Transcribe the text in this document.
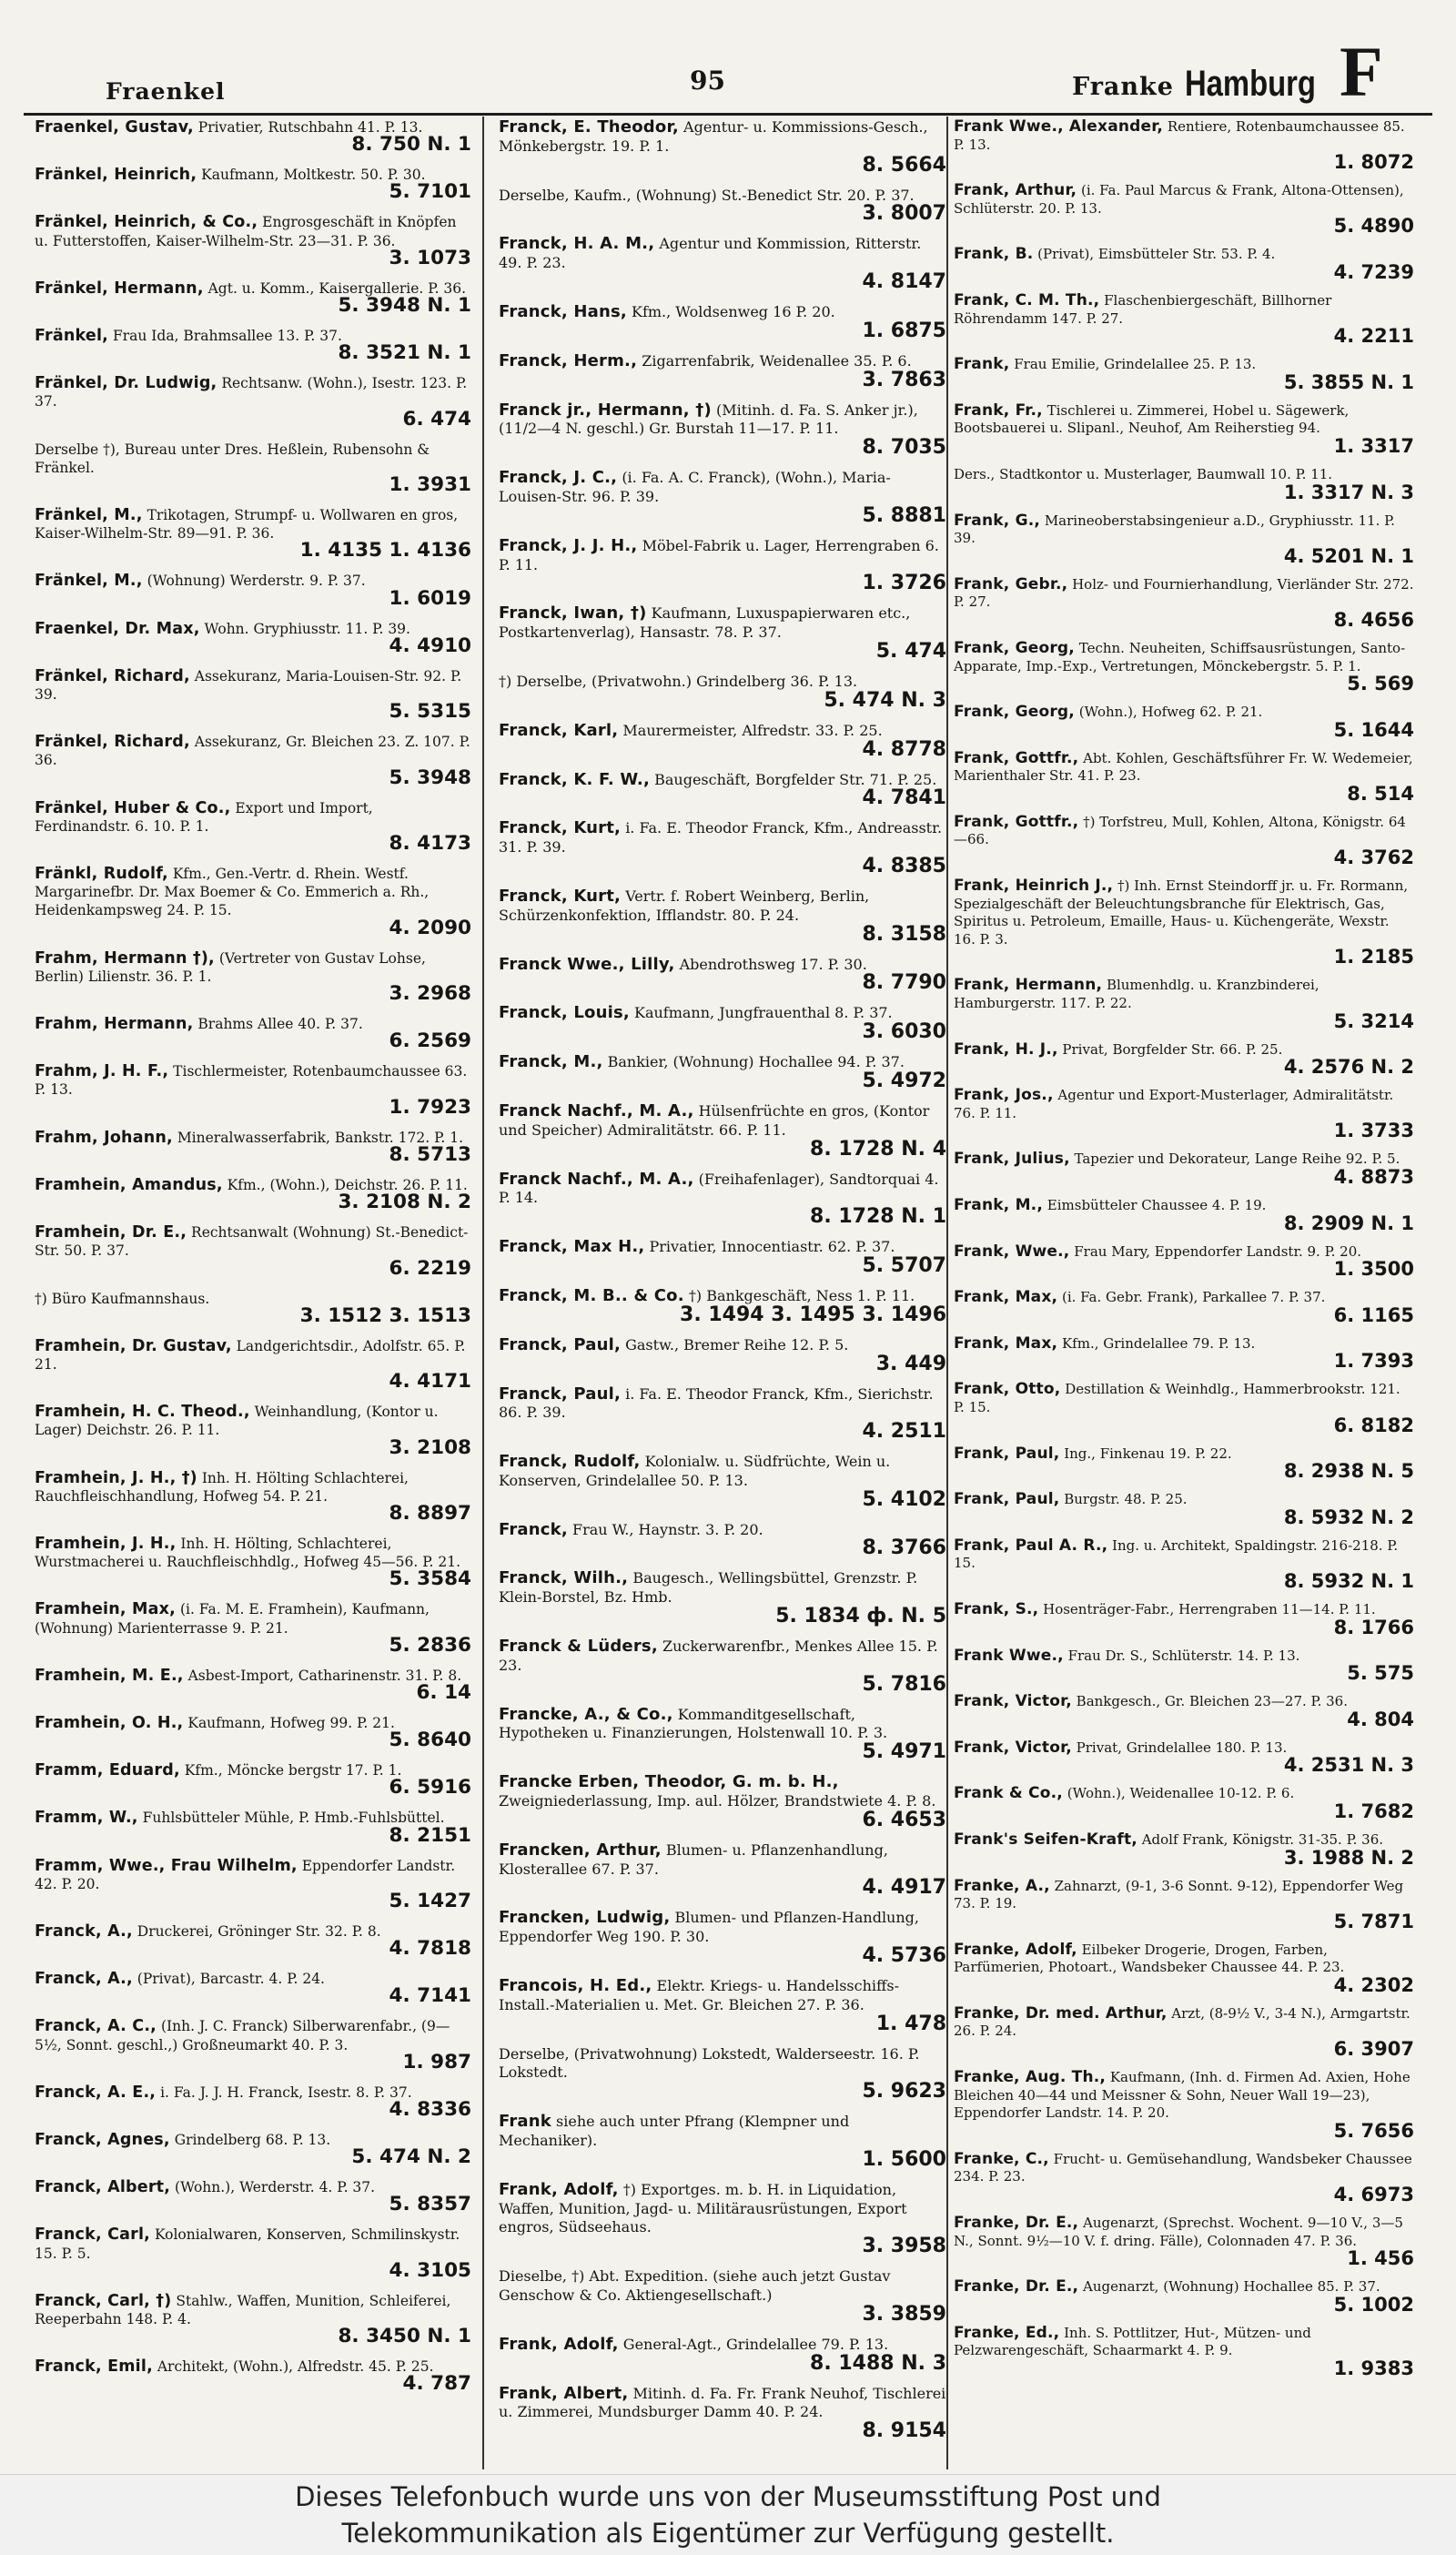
Fraenkel	95	Franke Hamburg F
Fraenkel, Gustav, Privatier, Rutschbahn 41. P. 13.
8. 750 N. 1
Fränkel, Heinrich, Kaufmann, Moltkestr. 50. P. 30.
5. 7101
Fränkel, Heinrich, & Co., Engrosgeschäft in Knöpfen u. Futterstoffen, Kaiser-Wilhelm-Str. 23—31. P. 36.
3. 1073
Fränkel, Hermann, Agt. u. Komm., Kaisergallerie. P. 36.
5. 3948 N. 1
Fränkel, Frau Ida, Brahmsallee 13. P. 37.
8. 3521 N. 1
Fränkel, Dr. Ludwig, Rechtsanw. (Wohn.), Isestr. 123. P. 37.
6. 474
Derselbe †), Bureau unter Dres. Heßlein, Rubensohn & Fränkel.
1. 3931
Fränkel, M., Trikotagen, Strumpf- u. Wollwaren en gros, Kaiser-Wilhelm-Str. 89—91. P. 36.
1. 4135 1. 4136
Fränkel, M., (Wohnung) Werderstr. 9. P. 37.
1. 6019
Fraenkel, Dr. Max, Wohn. Gryphiusstr. 11. P. 39.
4. 4910
Fränkel, Richard, Assekuranz, Maria-Louisen-Str. 92. P. 39.
5. 5315
Fränkel, Richard, Assekuranz, Gr. Bleichen 23. Z. 107. P. 36.
5. 3948
Fränkel, Huber & Co., Export und Import, Ferdinandstr. 6. 10. P. 1.
8. 4173
Fränkl, Rudolf, Kfm., Gen.-Vertr. d. Rhein. Westf. Margarinefbr. Dr. Max Boemer & Co. Emmerich a. Rh., Heidenkampsweg 24. P. 15.
4. 2090
Frahm, Hermann †), (Vertreter von Gustav Lohse, Berlin) Lilienstr. 36. P. 1.
3. 2968
Frahm, Hermann, Brahms Allee 40. P. 37.
6. 2569
Frahm, J. H. F., Tischlermeister, Rotenbaumchaussee 63. P. 13.
1. 7923
Frahm, Johann, Mineralwasserfabrik, Bankstr. 172. P. 1.
8. 5713
Framhein, Amandus, Kfm., (Wohn.), Deichstr. 26. P. 11.
3. 2108 N. 2
Framhein, Dr. E., Rechtsanwalt (Wohnung) St.-Benedict-Str. 50. P. 37.
6. 2219
†) Büro Kaufmannshaus.
3. 1512 3. 1513
Framhein, Dr. Gustav, Landgerichtsdir., Adolfstr. 65. P. 21.
4. 4171
Framhein, H. C. Theod., Weinhandlung, (Kontor u. Lager) Deichstr. 26. P. 11.
3. 2108
Framhein, J. H., †) Inh. H. Hölting Schlachterei, Rauchfleischhandlung, Hofweg 54. P. 21.
8. 8897
Framhein, J. H., Inh. H. Hölting, Schlachterei, Wurstmacherei u. Rauchfleischhdlg., Hofweg 45—56. P. 21.
5. 3584
Framhein, Max, (i. Fa. M. E. Framhein), Kaufmann, (Wohnung) Marienterrasse 9. P. 21.
5. 2836
Framhein, M. E., Asbest-Import, Catharinenstr. 31. P. 8.
6. 14
Framhein, O. H., Kaufmann, Hofweg 99. P. 21.
5. 8640
Framm, Eduard, Kfm., Möncke bergstr 17. P. 1.
6. 5916
Framm, W., Fuhlsbütteler Mühle, P. Hmb.-Fuhlsbüttel.
8. 2151
Framm, Wwe., Frau Wilhelm, Eppendorfer Landstr. 42. P. 20.
5. 1427
Franck, A., Druckerei, Gröninger Str. 32. P. 8.
4. 7818
Franck, A., (Privat), Barcastr. 4. P. 24.
4. 7141
Franck, A. C., (Inh. J. C. Franck) Silberwarenfabr., (9—5½, Sonnt. geschl.,) Großneumarkt 40. P. 3.
1. 987
Franck, A. E., i. Fa. J. J. H. Franck, Isestr. 8. P. 37.
4. 8336
Franck, Agnes, Grindelberg 68. P. 13.
5. 474 N. 2
Franck, Albert, (Wohn.), Werderstr. 4. P. 37.
5. 8357
Franck, Carl, Kolonialwaren, Konserven, Schmilinskystr. 15. P. 5.
4. 3105
Franck, Carl, †) Stahlw., Waffen, Munition, Schleiferei, Reeperbahn 148. P. 4.
8. 3450 N. 1
Franck, Emil, Architekt, (Wohn.), Alfredstr. 45. P. 25.
4. 787
Franck, E. Theodor, Agentur- u. Kommissions-Gesch., Mönkebergstr. 19. P. 1.
8. 5664
Derselbe, Kaufm., (Wohnung) St.-Benedict Str. 20. P. 37.
3. 8007
Franck, H. A. M., Agentur und Kommission, Ritterstr. 49. P. 23.
4. 8147
Franck, Hans, Kfm., Woldsenweg 16 P. 20.
1. 6875
Franck, Herm., Zigarrenfabrik, Weidenallee 35. P. 6.
3. 7863
Franck jr., Hermann, †) (Mitinh. d. Fa. S. Anker jr.), (11/2—4 N. geschl.) Gr. Burstah 11—17. P. 11.
8. 7035
Franck, J. C., (i. Fa. A. C. Franck), (Wohn.), Maria-Louisen-Str. 96. P. 39.
5. 8881
Franck, J. J. H., Möbel-Fabrik u. Lager, Herrengraben 6. P. 11.
1. 3726
Franck, Iwan, †) Kaufmann, Luxuspapierwaren etc., Postkartenverlag), Hansastr. 78. P. 37.
5. 474
†) Derselbe, (Privatwohn.) Grindelberg 36. P. 13.
5. 474 N. 3
Franck, Karl, Maurermeister, Alfredstr. 33. P. 25.
4. 8778
Franck, K. F. W., Baugeschäft, Borgfelder Str. 71. P. 25.
4. 7841
Franck, Kurt, i. Fa. E. Theodor Franck, Kfm., Andreasstr. 31. P. 39.
4. 8385
Franck, Kurt, Vertr. f. Robert Weinberg, Berlin, Schürzenkonfektion, Ifflandstr. 80. P. 24.
8. 3158
Franck Wwe., Lilly, Abendrothsweg 17. P. 30.
8. 7790
Franck, Louis, Kaufmann, Jungfrauenthal 8. P. 37.
3. 6030
Franck, M., Bankier, (Wohnung) Hochallee 94. P. 37.
5. 4972
Franck Nachf., M. A., Hülsenfrüchte en gros, (Kontor und Speicher) Admiralitätstr. 66. P. 11.
8. 1728 N. 4
Franck Nachf., M. A., (Freihafenlager), Sandtorquai 4. P. 14.
8. 1728 N. 1
Franck, Max H., Privatier, Innocentiastr. 62. P. 37.
5. 5707
Franck, M. B.. & Co. †) Bankgeschäft, Ness 1. P. 11.
3. 1494 3. 1495 3. 1496
Franck, Paul, Gastw., Bremer Reihe 12. P. 5.
3. 449
Franck, Paul, i. Fa. E. Theodor Franck, Kfm., Sierichstr. 86. P. 39.
4. 2511
Franck, Rudolf, Kolonialw. u. Südfrüchte, Wein u. Konserven, Grindelallee 50. P. 13.
5. 4102
Franck, Frau W., Haynstr. 3. P. 20.
8. 3766
Franck, Wilh., Baugesch., Wellingsbüttel, Grenzstr. P. Klein-Borstel, Bz. Hmb.
5. 1834 ф. N. 5
Franck & Lüders, Zuckerwarenfbr., Menkes Allee 15. P. 23.
5. 7816
Francke, A., & Co., Kommanditgesellschaft, Hypotheken u. Finanzierungen, Holstenwall 10. P. 3.
5. 4971
Francke Erben, Theodor, G. m. b. H., Zweigniederlassung, Imp. aul. Hölzer, Brandstwiete 4. P. 8.
6. 4653
Francken, Arthur, Blumen- u. Pflanzenhandlung, Klosterallee 67. P. 37.
4. 4917
Francken, Ludwig, Blumen- und Pflanzen-Handlung, Eppendorfer Weg 190. P. 30.
4. 5736
Francois, H. Ed., Elektr. Kriegs- u. Handelsschiffs-Install.-Materialien u. Met. Gr. Bleichen 27. P. 36.
1. 478
Derselbe, (Privatwohnung) Lokstedt, Walderseestr. 16. P. Lokstedt.
5. 9623
Frank siehe auch unter Pfrang (Klempner und Mechaniker).
1. 5600
Frank, Adolf, †) Exportges. m. b. H. in Liquidation, Waffen, Munition, Jagd- u. Militärausrüstungen, Export engros, Südseehaus.
3. 3958
Dieselbe, †) Abt. Expedition. (siehe auch jetzt Gustav Genschow & Co. Aktiengesellschaft.)
3. 3859
Frank, Adolf, General-Agt., Grindelallee 79. P. 13.
8. 1488 N. 3
Frank, Albert, Mitinh. d. Fa. Fr. Frank Neuhof, Tischlerei u. Zimmerei, Mundsburger Damm 40. P. 24.
8. 9154
Frank Wwe., Alexander, Rentiere, Rotenbaumchaussee 85. P. 13.
1. 8072
Frank, Arthur, (i. Fa. Paul Marcus & Frank, Altona-Ottensen), Schlüterstr. 20. P. 13.
5. 4890
Frank, B. (Privat), Eimsbütteler Str. 53. P. 4.
4. 7239
Frank, C. M. Th., Flaschenbiergeschäft, Billhorner Röhrendamm 147. P. 27.
4. 2211
Frank, Frau Emilie, Grindelallee 25. P. 13.
5. 3855 N. 1
Frank, Fr., Tischlerei u. Zimmerei, Hobel u. Sägewerk, Bootsbauerei u. Slipanl., Neuhof, Am Reiherstieg 94.
1. 3317
Ders., Stadtkontor u. Musterlager, Baumwall 10. P. 11.
1. 3317 N. 3
Frank, G., Marineoberstabsingenieur a.D., Gryphiusstr. 11. P. 39.
4. 5201 N. 1
Frank, Gebr., Holz- und Fournierhandlung, Vierländer Str. 272. P. 27.
8. 4656
Frank, Georg, Techn. Neuheiten, Schiffsausrüstungen, Santo-Apparate, Imp.-Exp., Vertretungen, Mönckebergstr. 5. P. 1.
5. 569
Frank, Georg, (Wohn.), Hofweg 62. P. 21.
5. 1644
Frank, Gottfr., Abt. Kohlen, Geschäftsführer Fr. W. Wedemeier, Marienthaler Str. 41. P. 23.
8. 514
Frank, Gottfr., †) Torfstreu, Mull, Kohlen, Altona, Königstr. 64—66.
4. 3762
Frank, Heinrich J., †) Inh. Ernst Steindorff jr. u. Fr. Rormann, Spezialgeschäft der Beleuchtungsbranche für Elektrisch, Gas, Spiritus u. Petroleum, Emaille, Haus- u. Küchengeräte, Wexstr. 16. P. 3.
1. 2185
Frank, Hermann, Blumenhdlg. u. Kranzbinderei, Hamburgerstr. 117. P. 22.
5. 3214
Frank, H. J., Privat, Borgfelder Str. 66. P. 25.
4. 2576 N. 2
Frank, Jos., Agentur und Export-Musterlager, Admiralitätstr. 76. P. 11.
1. 3733
Frank, Julius, Tapezier und Dekorateur, Lange Reihe 92. P. 5.
4. 8873
Frank, M., Eimsbütteler Chaussee 4. P. 19.
8. 2909 N. 1
Frank, Wwe., Frau Mary, Eppendorfer Landstr. 9. P. 20.
1. 3500
Frank, Max, (i. Fa. Gebr. Frank), Parkallee 7. P. 37.
6. 1165
Frank, Max, Kfm., Grindelallee 79. P. 13.
1. 7393
Frank, Otto, Destillation & Weinhdlg., Hammerbrookstr. 121. P. 15.
6. 8182
Frank, Paul, Ing., Finkenau 19. P. 22.
8. 2938 N. 5
Frank, Paul, Burgstr. 48. P. 25.
8. 5932 N. 2
Frank, Paul A. R., Ing. u. Architekt, Spaldingstr. 216-218. P. 15.
8. 5932 N. 1
Frank, S., Hosenträger-Fabr., Herrengraben 11—14. P. 11.
8. 1766
Frank Wwe., Frau Dr. S., Schlüterstr. 14. P. 13.
5. 575
Frank, Victor, Bankgesch., Gr. Bleichen 23—27. P. 36.
4. 804
Frank, Victor, Privat, Grindelallee 180. P. 13.
4. 2531 N. 3
Frank & Co., (Wohn.), Weidenallee 10-12. P. 6.
1. 7682
Frank's Seifen-Kraft, Adolf Frank, Königstr. 31-35. P. 36.
3. 1988 N. 2
Franke, A., Zahnarzt, (9-1, 3-6 Sonnt. 9-12), Eppendorfer Weg 73. P. 19.
5. 7871
Franke, Adolf, Eilbeker Drogerie, Drogen, Farben, Parfümerien, Photoart., Wandsbeker Chaussee 44. P. 23.
4. 2302
Franke, Dr. med. Arthur, Arzt, (8-9½ V., 3-4 N.), Armgartstr. 26. P. 24.
6. 3907
Franke, Aug. Th., Kaufmann, (Inh. d. Firmen Ad. Axien, Hohe Bleichen 40—44 und Meissner & Sohn, Neuer Wall 19—23), Eppendorfer Landstr. 14. P. 20.
5. 7656
Franke, C., Frucht- u. Gemüsehandlung, Wandsbeker Chaussee 234. P. 23.
4. 6973
Franke, Dr. E., Augenarzt, (Sprechst. Wochent. 9—10 V., 3—5 N., Sonnt. 9½—10 V. f. dring. Fälle), Colonnaden 47. P. 36.
1. 456
Franke, Dr. E., Augenarzt, (Wohnung) Hochallee 85. P. 37.
5. 1002
Franke, Ed., Inh. S. Pottlitzer, Hut-, Mützen- und Pelzwarengeschäft, Schaarmarkt 4. P. 9.
1. 9383
Dieses Telefonbuch wurde uns von der Museumsstiftung Post und
Telekommunikation als Eigentümer zur Verfügung gestellt.
